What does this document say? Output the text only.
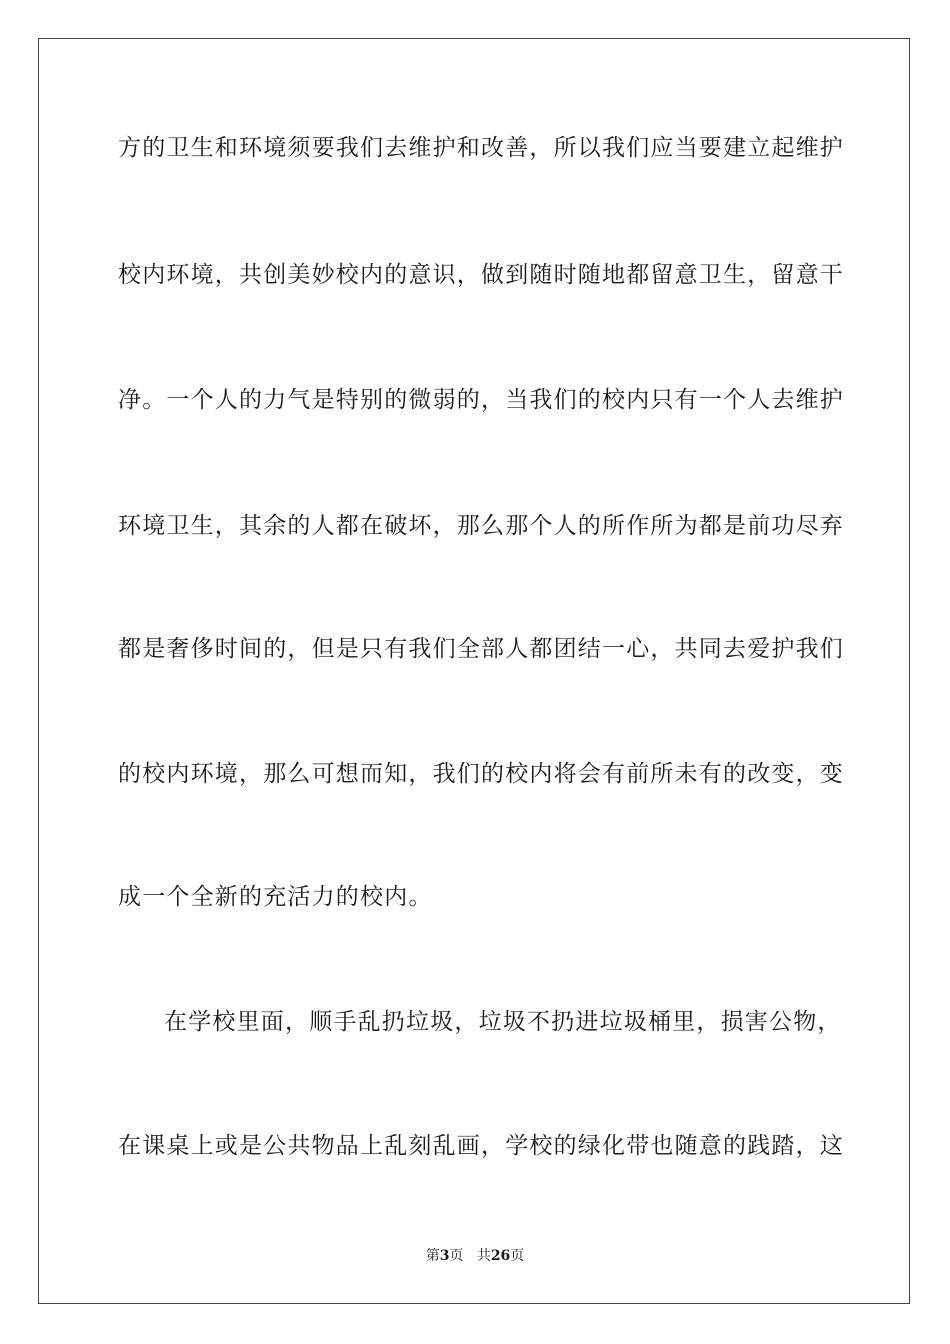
方的卫生和环境须要我们去维护和改善，所以我们应当要建立起维护
校内环境，共创美妙校内的意识，做到随时随地都留意卫生，留意干
净。一个人的力气是特别的微弱的，当我们的校内只有一个人去维护
环境卫生，其余的人都在破坏，那么那个人的所作所为都是前功尽弃
都是奢侈时间的，但是只有我们全部人都团结一心，共同去爱护我们
的校内环境，那么可想而知，我们的校内将会有前所未有的改变，变
成一个全新的充活力的校内。
在学校里面，顺手乱扔垃圾，垃圾不扔进垃圾桶里，损害公物，
在课桌上或是公共物品上乱刻乱画，学校的绿化带也随意的践踏，这
第3页 共26页
